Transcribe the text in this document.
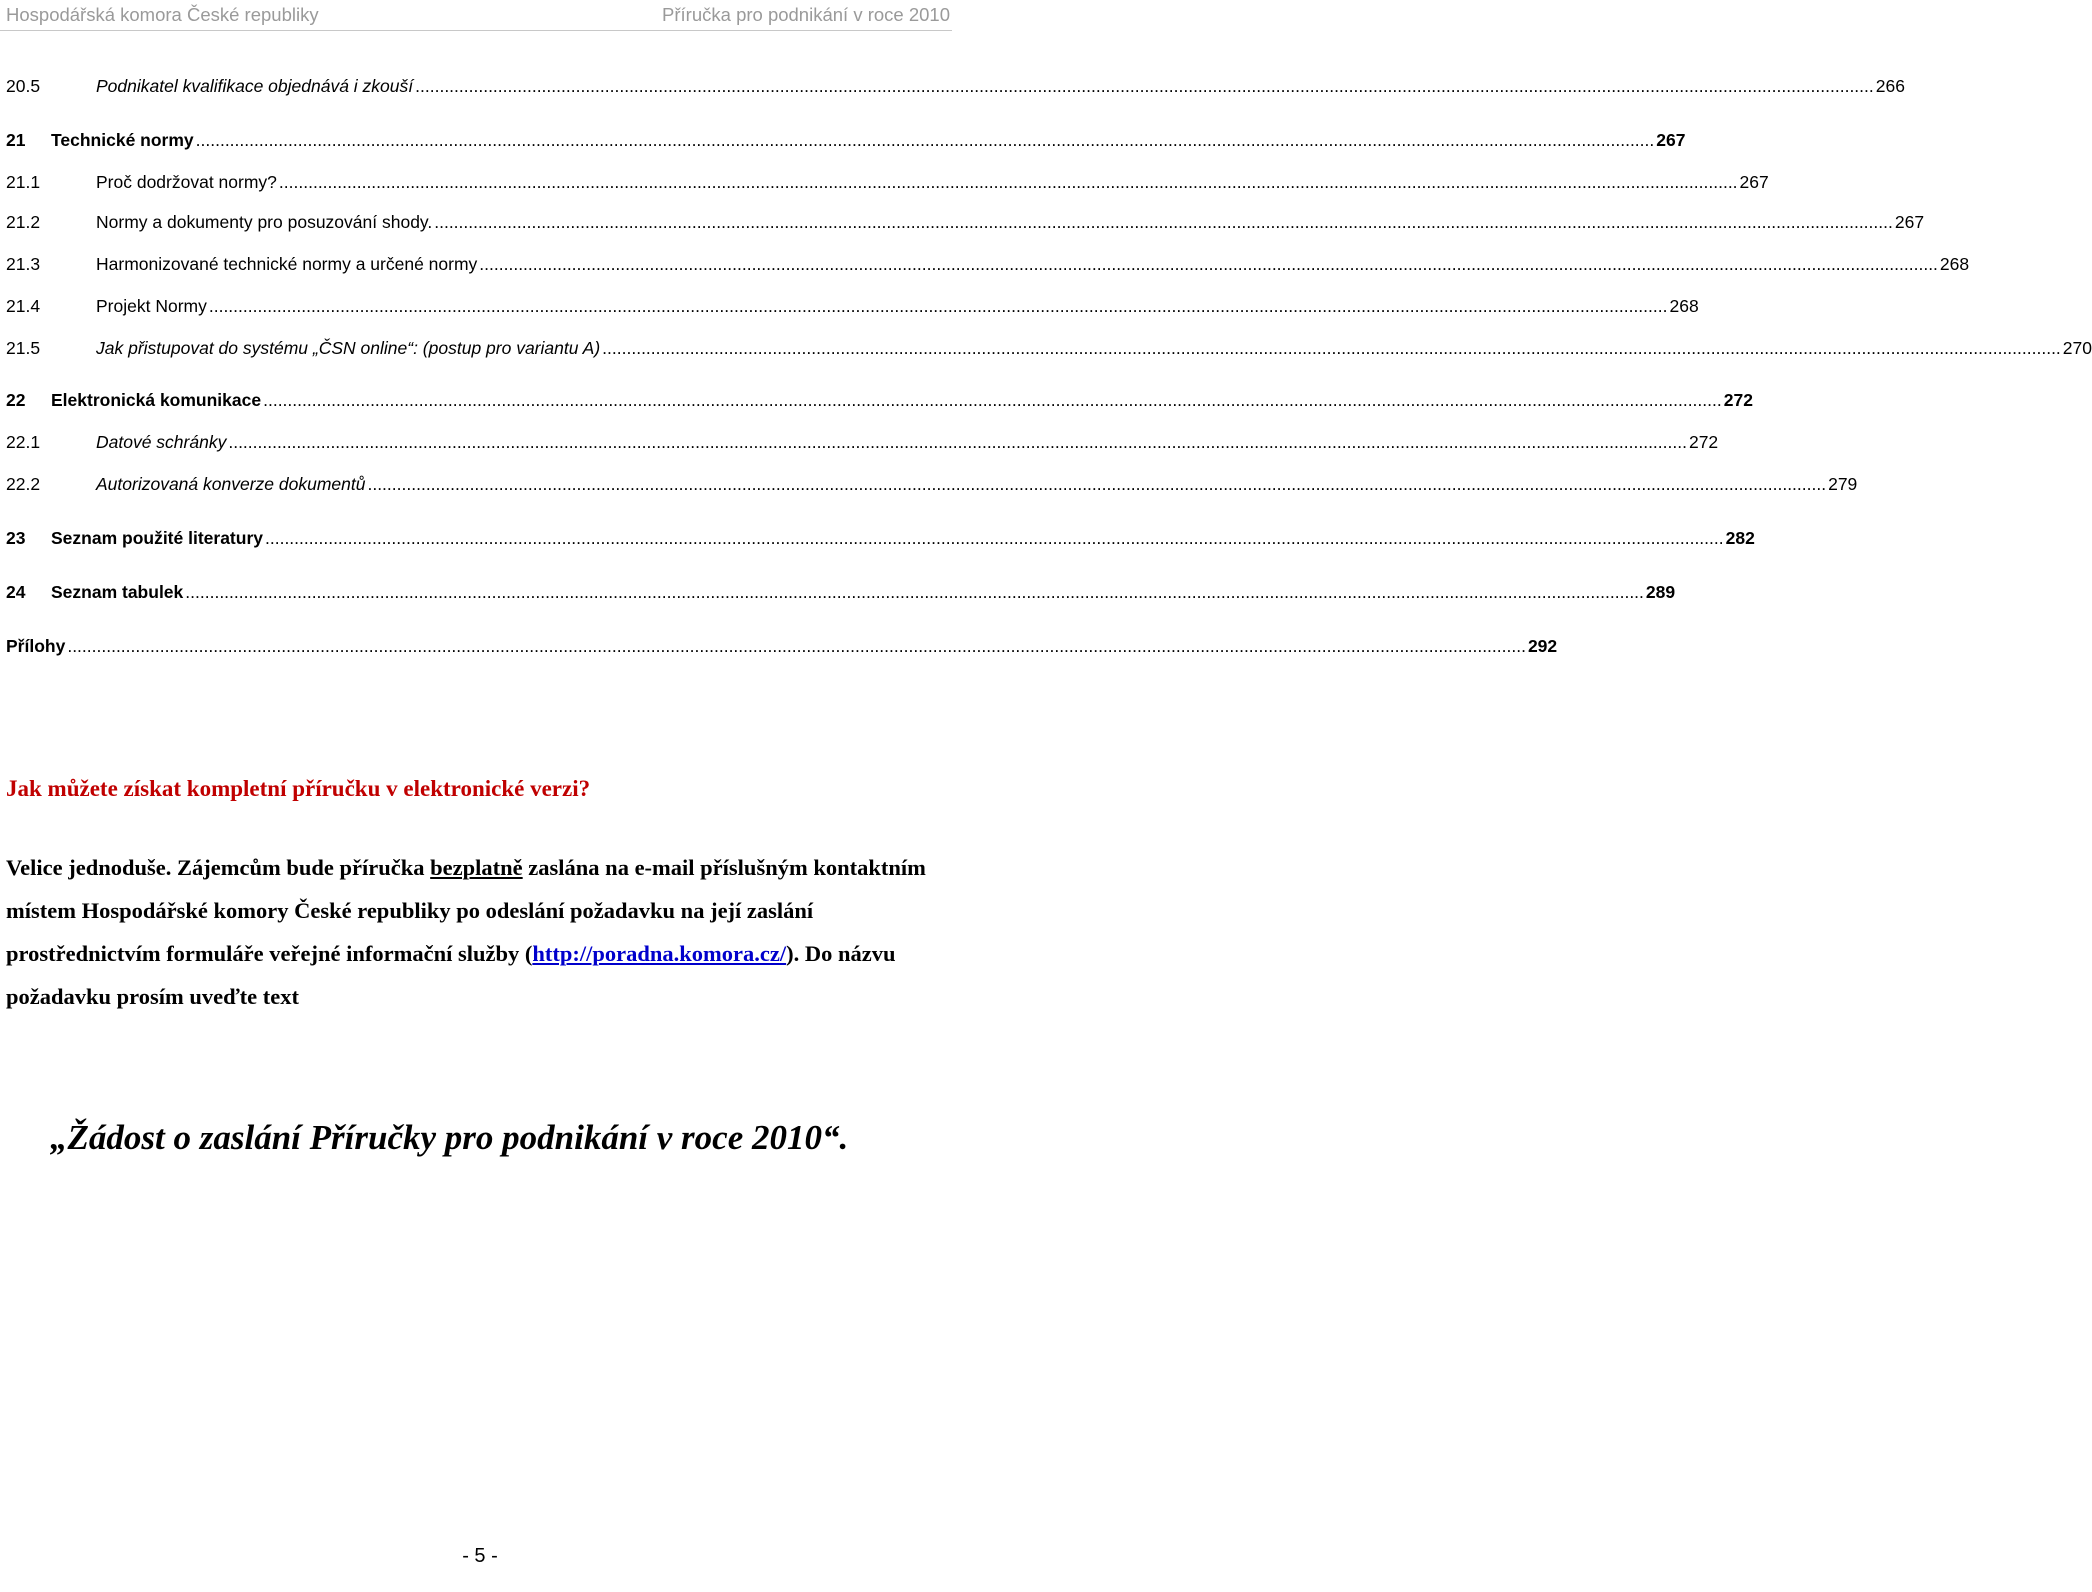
Hospodářská komora České republiky	Příručka pro podnikání v roce 2010
20.5	Podnikatel kvalifikace objednává i zkouší ............................................................................................................................................................................................................................................................................................................ 266
21	Technické normy ............................................................................................................................................................................................................................................................................................................ 267
21.1	Proč dodržovat normy? ............................................................................................................................................................................................................................................................................................................ 267
21.2	Normy a dokumenty pro posuzování shody. ............................................................................................................................................................................................................................................................................................................ 267
21.3	Harmonizované technické normy a určené normy ............................................................................................................................................................................................................................................................................................................ 268
21.4	Projekt Normy ............................................................................................................................................................................................................................................................................................................ 268
21.5	Jak přistupovat do systému „ČSN online“: (postup pro variantu A) ............................................................................................................................................................................................................................................................................................................ 270
22	Elektronická komunikace ............................................................................................................................................................................................................................................................................................................ 272
22.1	Datové schránky ............................................................................................................................................................................................................................................................................................................ 272
22.2	Autorizovaná konverze dokumentů ............................................................................................................................................................................................................................................................................................................ 279
23	Seznam použité literatury ............................................................................................................................................................................................................................................................................................................ 282
24	Seznam tabulek ............................................................................................................................................................................................................................................................................................................ 289
Přílohy ............................................................................................................................................................................................................................................................................................................ 292
Jak můžete získat kompletní příručku v elektronické verzi?
Velice jednoduše. Zájemcům bude příručka bezplatně zaslána na e-mail příslušným kontaktním místem Hospodářské komory České republiky po odeslání požadavku na její zaslání prostřednictvím formuláře veřejné informační služby (http://poradna.komora.cz/). Do názvu požadavku prosím uveďte text
„Žádost o zaslání Příručky pro podnikání v roce 2010“.
- 5 -
